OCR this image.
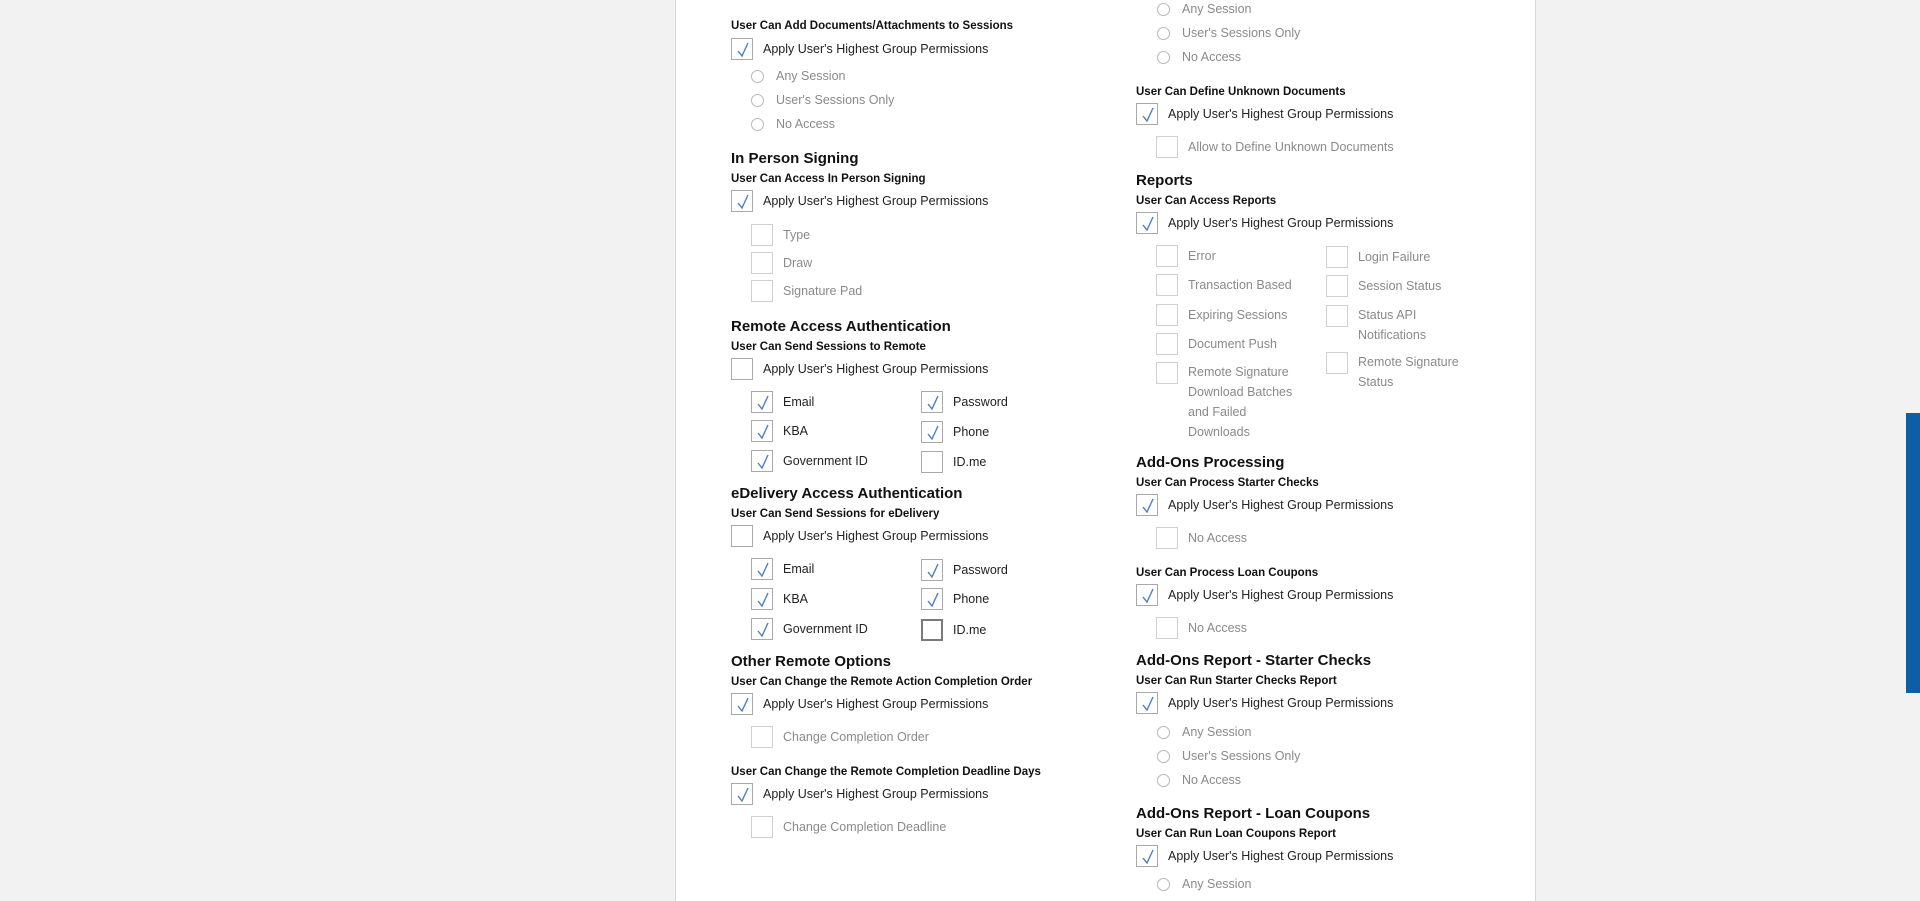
User Can Add Documents/Attachments to Sessions
Apply User's Highest Group Permissions
Any Session
User's Sessions Only
No Access
In Person Signing
User Can Access In Person Signing
Apply User's Highest Group Permissions
Type
Draw
Signature Pad
Remote Access Authentication
User Can Send Sessions to Remote
Apply User's Highest Group Permissions
Email
KBA
Government ID
Password
Phone
ID.me
eDelivery Access Authentication
User Can Send Sessions for eDelivery
Apply User's Highest Group Permissions
Email
KBA
Government ID
Password
Phone
ID.me
Other Remote Options
User Can Change the Remote Action Completion Order
Apply User's Highest Group Permissions
Change Completion Order
User Can Change the Remote Completion Deadline Days
Apply User's Highest Group Permissions
Change Completion Deadline
Any Session
User's Sessions Only
No Access
User Can Define Unknown Documents
Apply User's Highest Group Permissions
Allow to Define Unknown Documents
Reports
User Can Access Reports
Apply User's Highest Group Permissions
Error
Transaction Based
Expiring Sessions
Document Push
Remote Signature Download Batches and Failed Downloads
Login Failure
Session Status
Status API Notifications
Remote Signature Status
Add-Ons Processing
User Can Process Starter Checks
Apply User's Highest Group Permissions
No Access
User Can Process Loan Coupons
Apply User's Highest Group Permissions
No Access
Add-Ons Report - Starter Checks
User Can Run Starter Checks Report
Apply User's Highest Group Permissions
Any Session
User's Sessions Only
No Access
Add-Ons Report - Loan Coupons
User Can Run Loan Coupons Report
Apply User's Highest Group Permissions
Any Session
